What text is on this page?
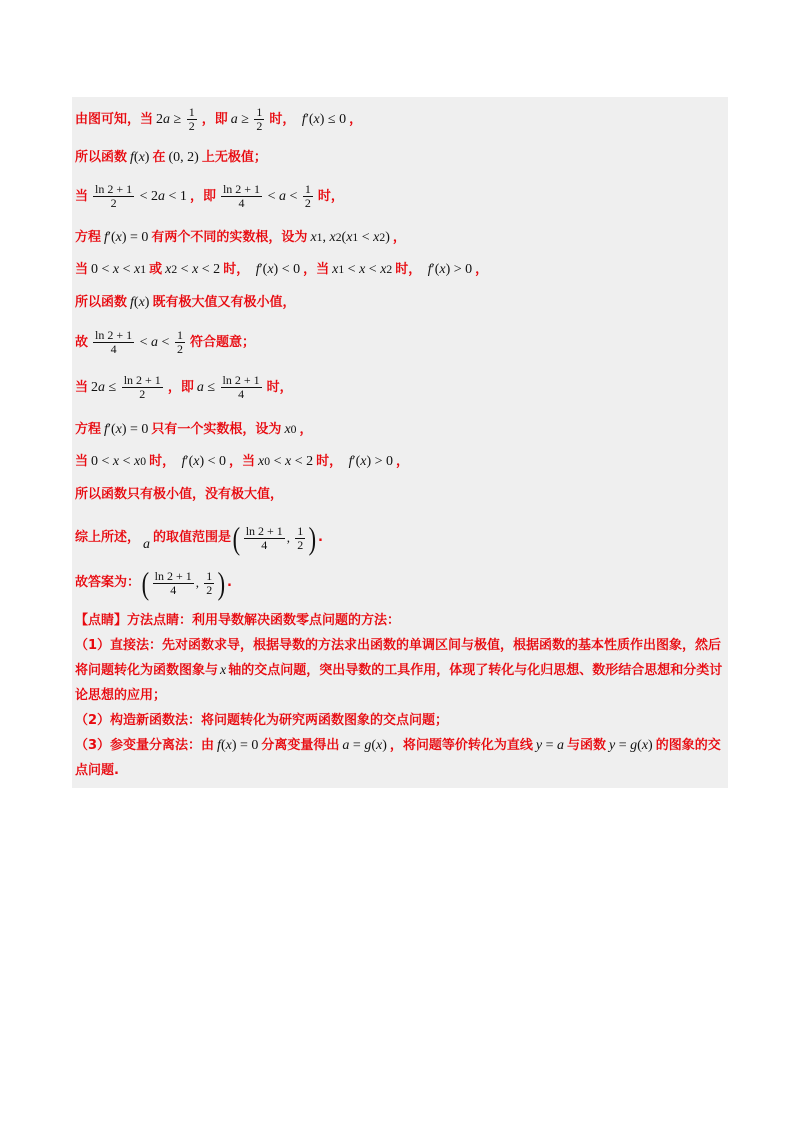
由图可知，当 2 $a \ge \frac{1}{2}$ ，即 $a \ge \frac{1}{2}$ 时，
f ′( x ) ≤ 0 ，
所以函数 f ( x ) 在 (0, 2) 上无极值；
当 $\frac{\ln 2 + 1}{2} < 2$ a < 1 ，即 $\frac{\ln 2 + 1}{4} < a < \frac{1}{2}$ 时，
方程 f ′( x ) = 0 有两个不同的实数根，设为 x 1 , x 2 ( x 1 < x 2 ) ，
当 0 < x < x 1 或 x 2 < x < 2 时，
f ′( x ) < 0 ，当 x 1 < x < x 2 时，
f ′( x ) > 0 ，
所以函数 f ( x ) 既有极大值又有极小值，
故 $\frac{\ln 2 + 1}{4} < a < \frac{1}{2}$ 符合题意；
当 2 $a \le \frac{\ln 2 + 1}{2}$ ，即 $a \le \frac{\ln 2 + 1}{4}$ 时，
方程 f ′( x ) = 0 只有一个实数根，设为 x 0 ，
当 0 < x < x 0 时，
f ′( x ) < 0 ，当 x 0 < x < 2 时，
f ′( x ) > 0 ，
所以函数只有极小值，没有极大值，
综上所述， a 的取值范围是 ( $\frac{\ln 2 + 1}{4}$ , $\frac{1}{2}$ ) .
故答案为： ( $\frac{\ln 2 + 1}{4}$ , $\frac{1}{2}$ ) .
【点睛】方法点睛：利用导数解决函数零点问题的方法：
（1）直接法：先对函数求导，根据导数的方法求出函数的单调区间与极值，根据函数的基本性质作出图象，然后将问题转化为函数图象与 x 轴的交点问题，突出导数的工具作用，体现了转化与化归思想、数形结合思想和分类讨论思想的应用；
（2）构造新函数法：将问题转化为研究两函数图象的交点问题；
（3）参变量分离法：由 f ( x ) = 0 分离变量得出 a = g ( x ) ，将问题等价转化为直线 y = a 与函数 y = g ( x ) 的图象的交点问题.
